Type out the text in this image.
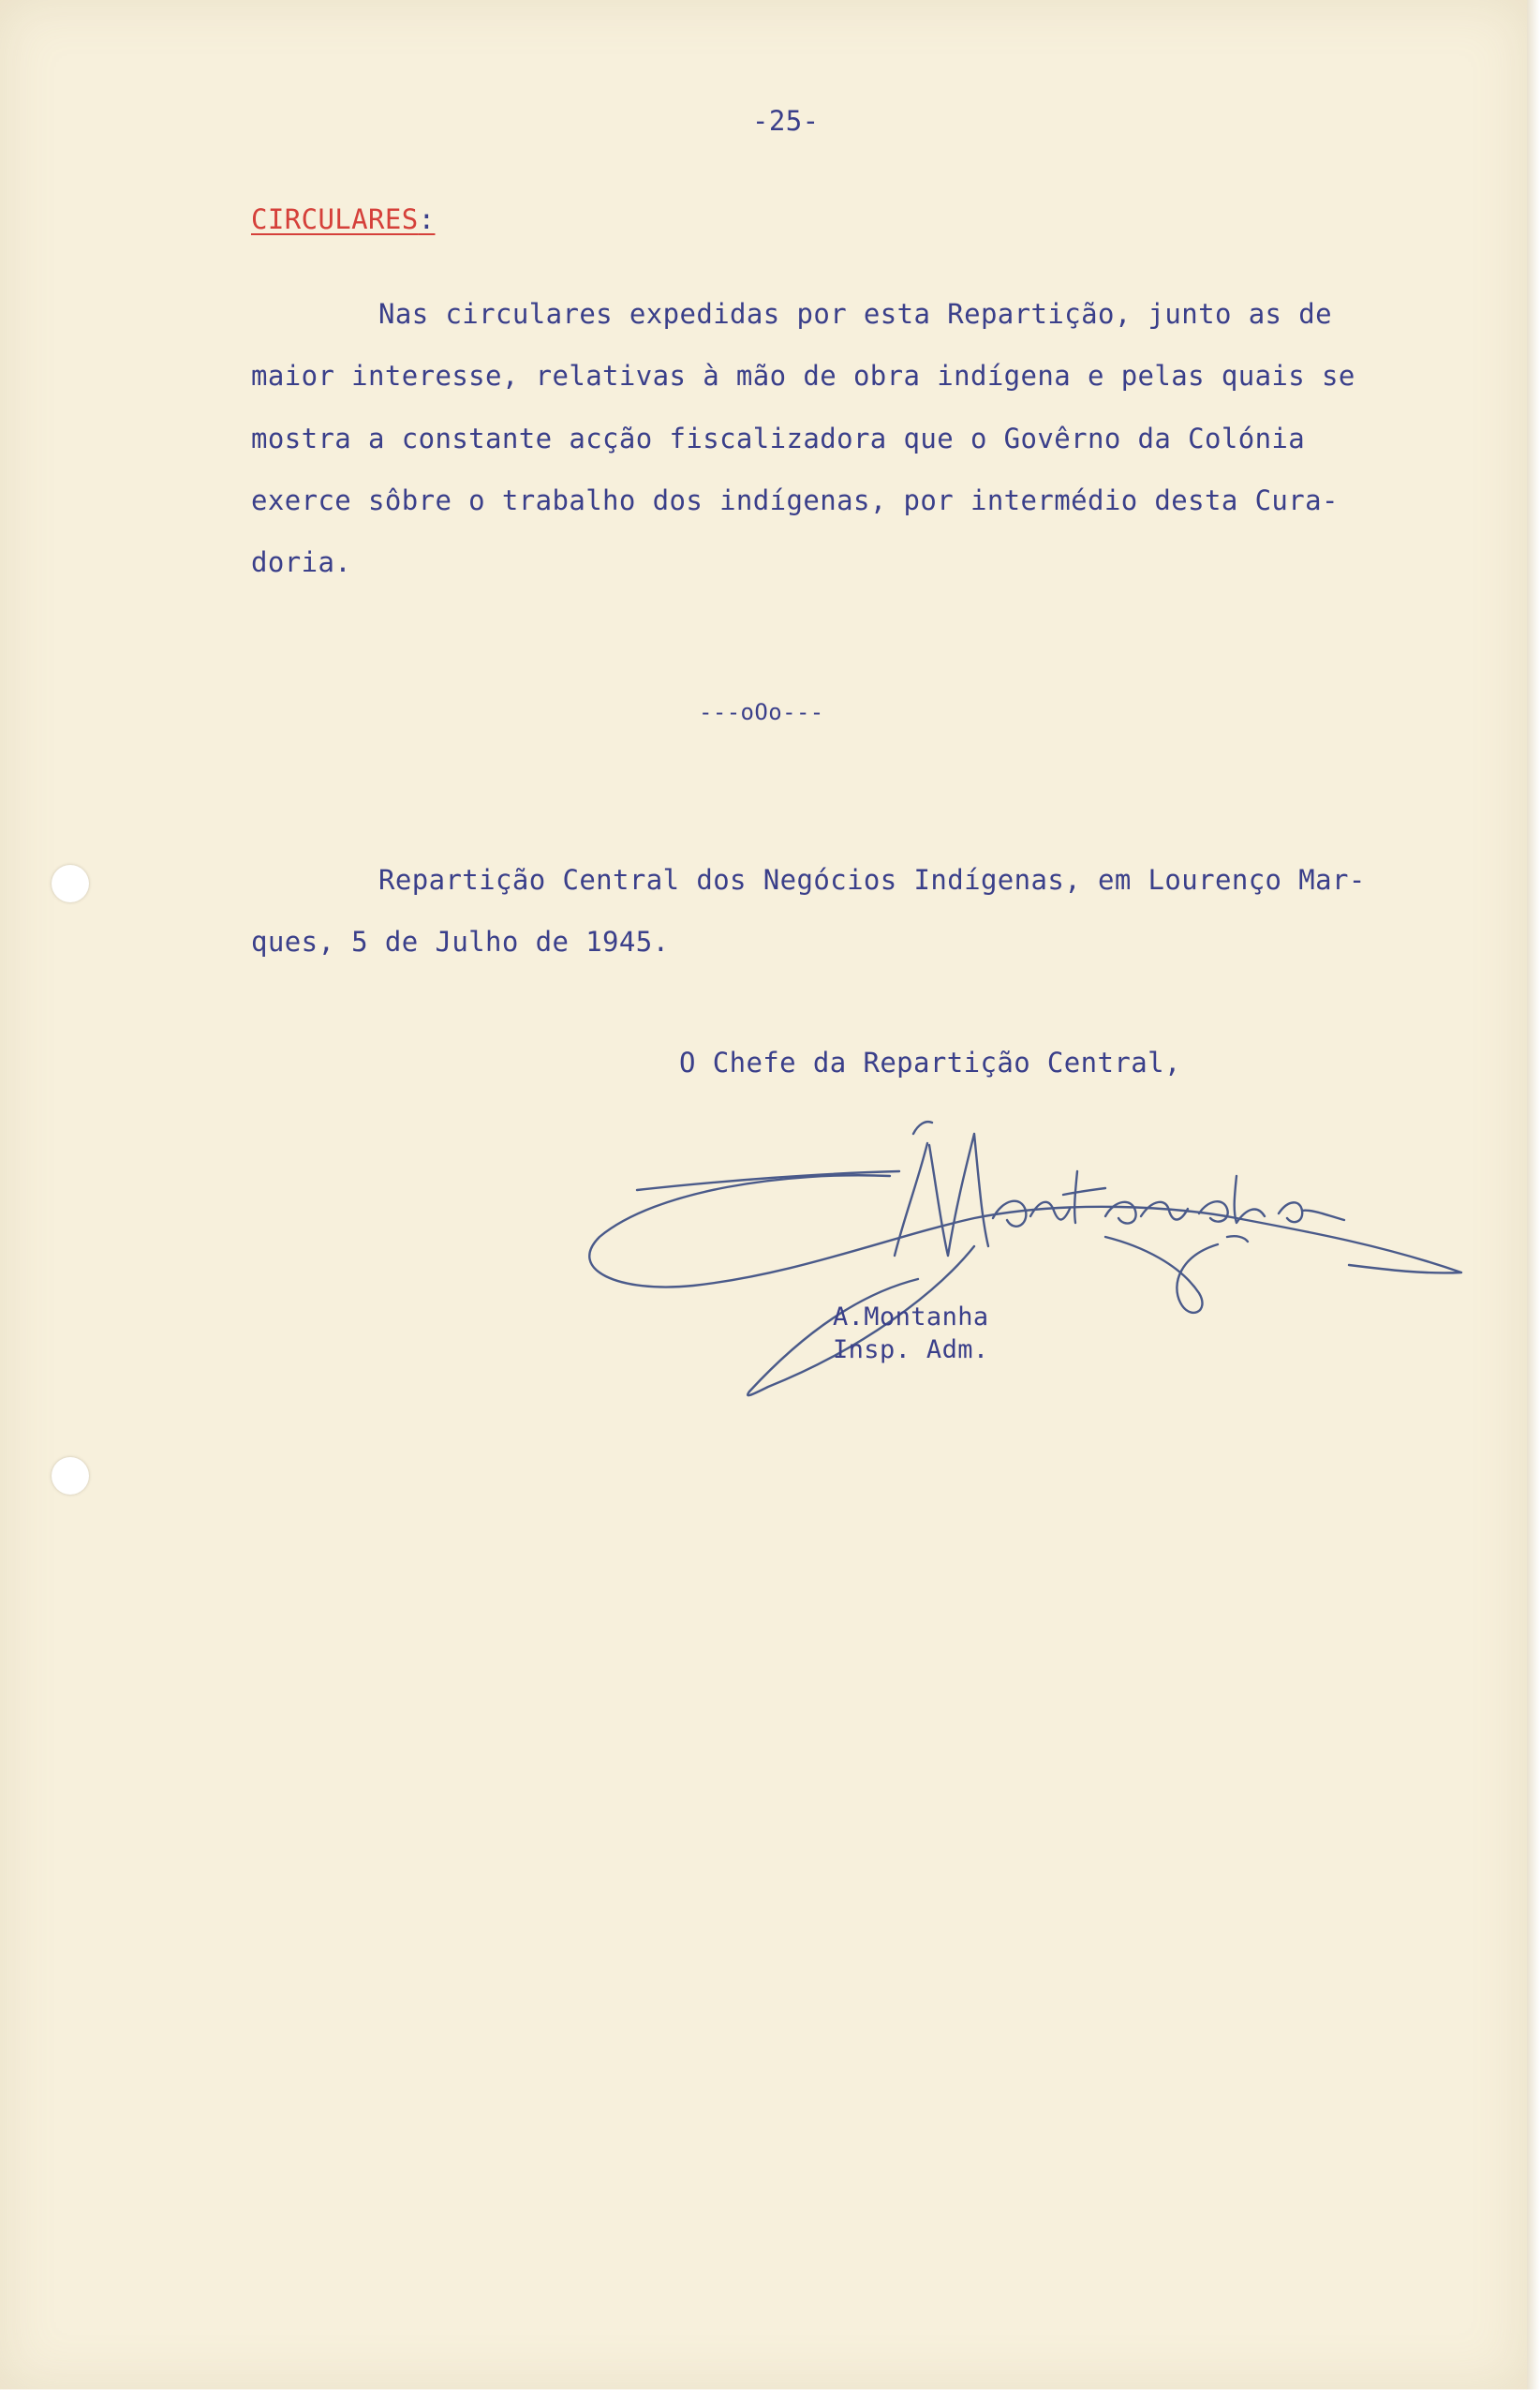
-25-

CIRCULARES:

Nas circulares expedidas por esta Repartição, junto as de

maior interesse, relativas à mão de obra indígena e pelas quais se

mostra a constante acção fiscalizadora que o Govêrno da Colónia

exerce sôbre o trabalho dos indígenas, por intermédio desta Cura-

doria.

---oOo---

Repartição Central dos Negócios Indígenas, em Lourenço Mar-

ques, 5 de Julho de 1945.

O Chefe da Repartição Central,

A.Montanha

Insp. Adm.
